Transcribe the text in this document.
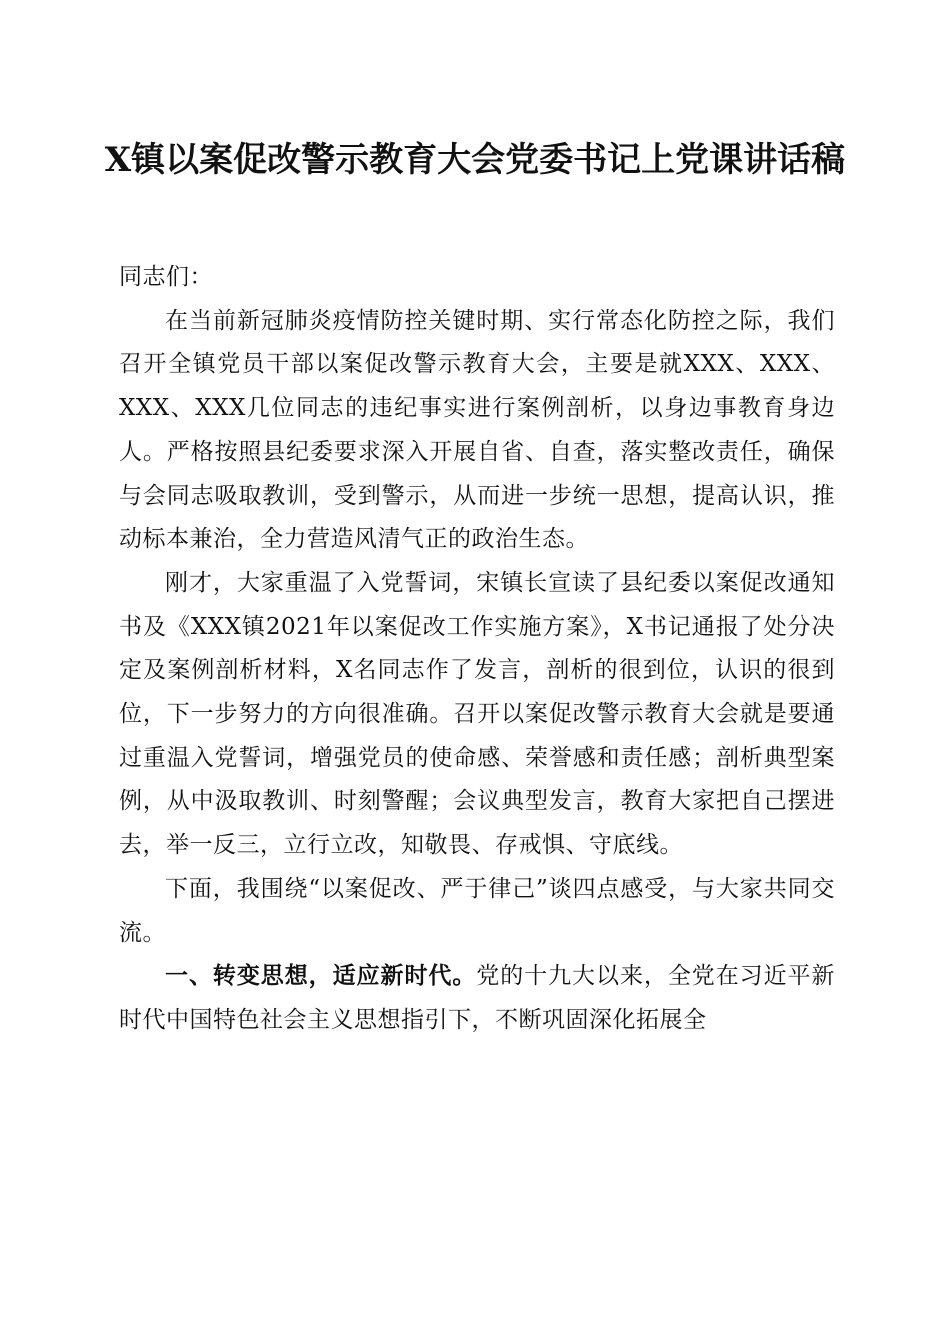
X镇以案促改警示教育大会党委书记上党课讲话稿

同志们：

在当前新冠肺炎疫情防控关键时期、实行常态化防控之际，我们召开全镇党员干部以案促改警示教育大会，主要是就XXX、XXX、XXX、XXX几位同志的违纪事实进行案例剖析，以身边事教育身边人。严格按照县纪委要求深入开展自省、自查，落实整改责任，确保与会同志吸取教训，受到警示，从而进一步统一思想，提高认识，推动标本兼治，全力营造风清气正的政治生态。

刚才，大家重温了入党誓词，宋镇长宣读了县纪委以案促改通知书及《XXX镇2021年以案促改工作实施方案》，X书记通报了处分决定及案例剖析材料，X名同志作了发言，剖析的很到位，认识的很到位，下一步努力的方向很准确。召开以案促改警示教育大会就是要通过重温入党誓词，增强党员的使命感、荣誉感和责任感；剖析典型案例，从中汲取教训、时刻警醒；会议典型发言，教育大家把自己摆进去，举一反三，立行立改，知敬畏、存戒惧、守底线。

下面，我围绕“以案促改、严于律己”谈四点感受，与大家共同交流。

一、转变思想，适应新时代。党的十九大以来，全党在习近平新时代中国特色社会主义思想指引下，不断巩固深化拓展全
